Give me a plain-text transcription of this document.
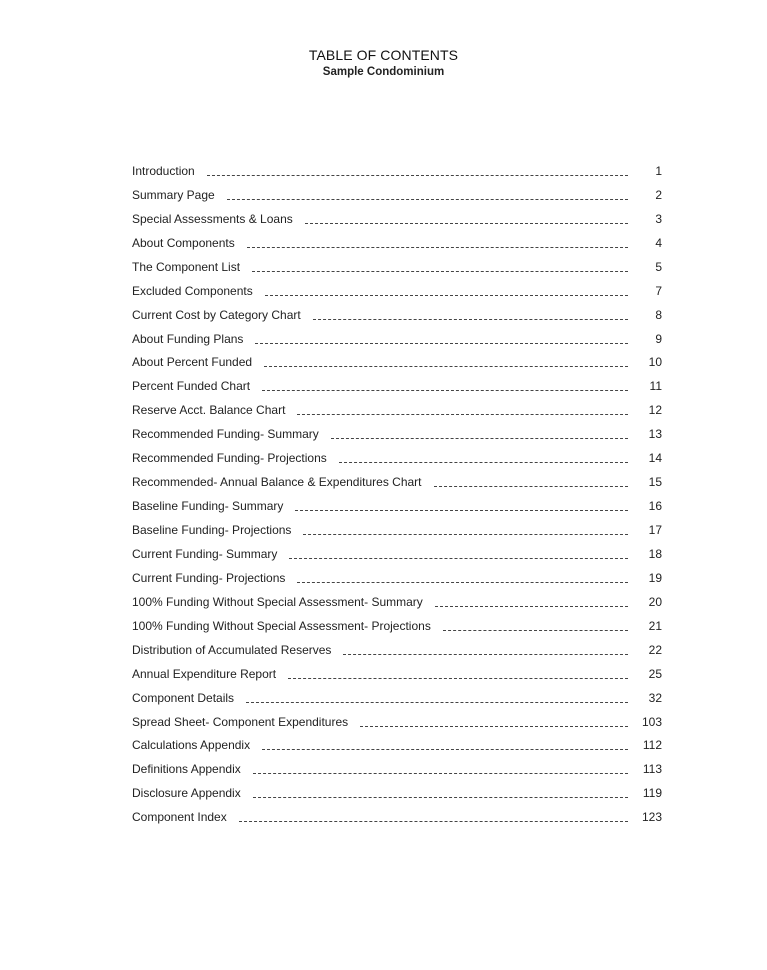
TABLE OF CONTENTS
Sample Condominium
Introduction	1
Summary Page	2
Special Assessments & Loans	3
About Components	4
The Component List	5
Excluded Components	7
Current Cost by Category Chart	8
About Funding Plans	9
About Percent Funded	10
Percent Funded Chart	11
Reserve Acct. Balance Chart	12
Recommended Funding- Summary	13
Recommended Funding- Projections	14
Recommended- Annual Balance & Expenditures Chart	15
Baseline Funding- Summary	16
Baseline Funding- Projections	17
Current Funding- Summary	18
Current Funding- Projections	19
100% Funding Without Special Assessment- Summary	20
100% Funding Without Special Assessment- Projections	21
Distribution of Accumulated Reserves	22
Annual Expenditure Report	25
Component Details	32
Spread Sheet- Component Expenditures	103
Calculations Appendix	112
Definitions Appendix	113
Disclosure Appendix	119
Component Index	123
